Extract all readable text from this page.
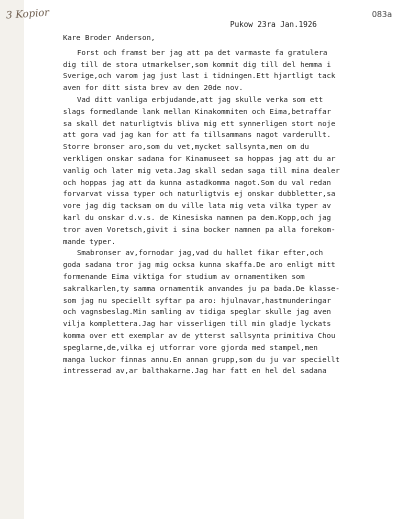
3 Kopior	083a
Pukow 23ra Jan.1926
Kare Broder Anderson,
Forst och framst ber jag att pa det varmaste fa gratulera
dig till de stora utmarkelser,som kommit dig till del hemma i
Sverige,och varom jag just last i tidningen.Ett hjartligt tack
aven for ditt sista brev av den 20de nov.
Vad ditt vanliga erbjudande,att jag skulle verka som ett
slags formedlande lank mellan Kinakommiten och Eima,betraffar
sa skall det naturligtvis bliva mig ett synnerligen stort noje
att gora vad jag kan for att fa tillsammans nagot varderullt.
Storre bronser aro,som du vet,mycket sallsynta,men om du
verkligen onskar sadana for Kinamuseet sa hoppas jag att du ar
vanlig och later mig veta.Jag skall sedan saga till mina dealer
och hoppas jag att da kunna astadkomma nagot.Som du val redan
forvarvat vissa typer och naturligtvis ej onskar dubbletter,sa
vore jag dig tacksam om du ville lata mig veta vilka typer av
karl du onskar d.v.s. de Kinesiska namnen pa dem.Kopp,och jag
tror aven Voretsch,givit i sina bocker namnen pa alla forekom-
mande typer.
Smabronser av,fornodar jag,vad du hallet fikar efter,och
goda sadana tror jag mig ocksa kunna skaffa.De aro enligt mitt
formenande Eima viktiga for studium av ornamentiken som
sakralkarlen,ty samma ornamentik anvandes ju pa bada.De klasse-
som jag nu speciellt syftar pa aro: hjulnavar,hastmunderingar
och vagnsbeslag.Min samling av tidiga speglar skulle jag aven
vilja komplettera.Jag har visserligen till min gladje lyckats
komma over ett exemplar av de ytterst sallsynta primitiva Chou
speglarne,de,vilka ej utforrar vore gjorda med stampel,men
manga luckor finnas annu.En annan grupp,som du ju var speciellt
intresserad av,ar balthakarne.Jag har fatt en hel del sadana
